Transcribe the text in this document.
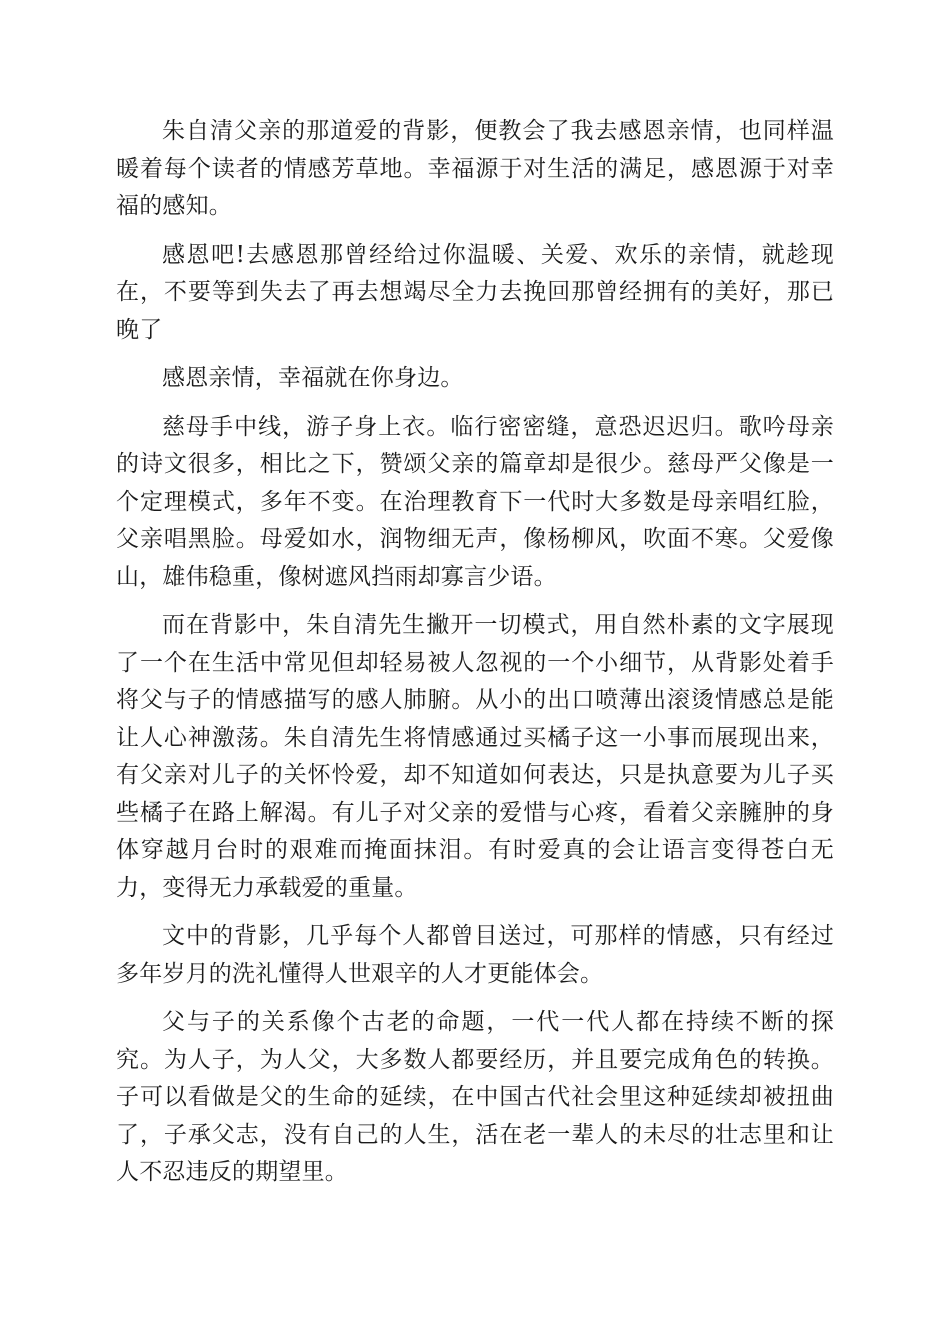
朱自清父亲的那道爱的背影，便教会了我去感恩亲情，也同样温暖着每个读者的情感芳草地。幸福源于对生活的满足，感恩源于对幸福的感知。

感恩吧!去感恩那曾经给过你温暖、关爱、欢乐的亲情，就趁现在，不要等到失去了再去想竭尽全力去挽回那曾经拥有的美好，那已晚了

感恩亲情，幸福就在你身边。

慈母手中线，游子身上衣。临行密密缝，意恐迟迟归。歌吟母亲的诗文很多，相比之下，赞颂父亲的篇章却是很少。慈母严父像是一个定理模式，多年不变。在治理教育下一代时大多数是母亲唱红脸，父亲唱黑脸。母爱如水，润物细无声，像杨柳风，吹面不寒。父爱像山，雄伟稳重，像树遮风挡雨却寡言少语。

而在背影中，朱自清先生撇开一切模式，用自然朴素的文字展现了一个在生活中常见但却轻易被人忽视的一个小细节，从背影处着手将父与子的情感描写的感人肺腑。从小的出口喷薄出滚烫情感总是能让人心神激荡。朱自清先生将情感通过买橘子这一小事而展现出来，有父亲对儿子的关怀怜爱，却不知道如何表达，只是执意要为儿子买些橘子在路上解渴。有儿子对父亲的爱惜与心疼，看着父亲臃肿的身体穿越月台时的艰难而掩面抹泪。有时爱真的会让语言变得苍白无力，变得无力承载爱的重量。

文中的背影，几乎每个人都曾目送过，可那样的情感，只有经过多年岁月的洗礼懂得人世艰辛的人才更能体会。

父与子的关系像个古老的命题，一代一代人都在持续不断的探究。为人子，为人父，大多数人都要经历，并且要完成角色的转换。子可以看做是父的生命的延续，在中国古代社会里这种延续却被扭曲了，子承父志，没有自己的人生，活在老一辈人的未尽的壮志里和让人不忍违反的期望里。
